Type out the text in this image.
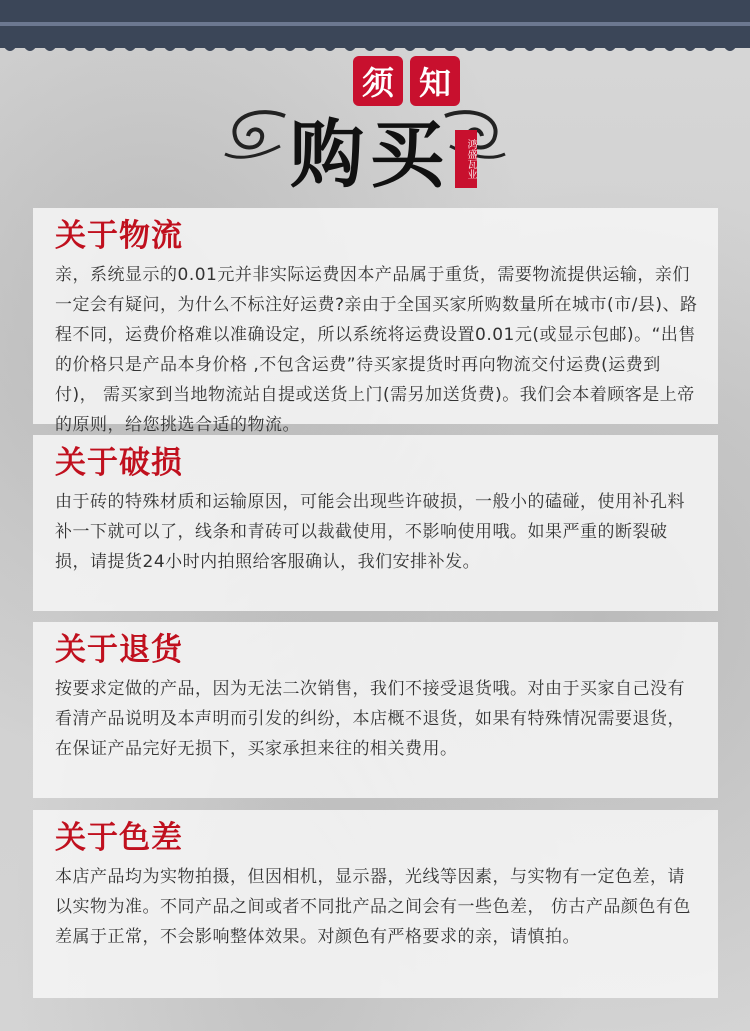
须 知
购买	鸿盛瓦业
关于物流

亲，系统显示的0.01元并非实际运费因本产品属于重货，需要物流提供运输，亲们一定会有疑问，为什么不标注好运费?亲由于全国买家所购数量所在城市(市/县)、路程不同，运费价格难以准确设定，所以系统将运费设置0.01元(或显示包邮)。“出售的价格只是产品本身价格 ,不包含运费”待买家提货时再向物流交付运费(运费到付)， 需买家到当地物流站自提或送货上门(需另加送货费)。我们会本着顾客是上帝的原则，给您挑选合适的物流。

关于破损

由于砖的特殊材质和运输原因，可能会出现些许破损，一般小的磕碰，使用补孔料补一下就可以了，线条和青砖可以裁截使用，不影响使用哦。如果严重的断裂破损，请提货24小时内拍照给客服确认，我们安排补发。

关于退货

按要求定做的产品，因为无法二次销售，我们不接受退货哦。对由于买家自己没有看清产品说明及本声明而引发的纠纷，本店概不退货，如果有特殊情况需要退货，在保证产品完好无损下，买家承担来往的相关费用。

关于色差

本店产品均为实物拍摄，但因相机，显示器，光线等因素，与实物有一定色差，请以实物为准。不同产品之间或者不同批产品之间会有一些色差， 仿古产品颜色有色差属于正常，不会影响整体效果。对颜色有严格要求的亲，请慎拍。
